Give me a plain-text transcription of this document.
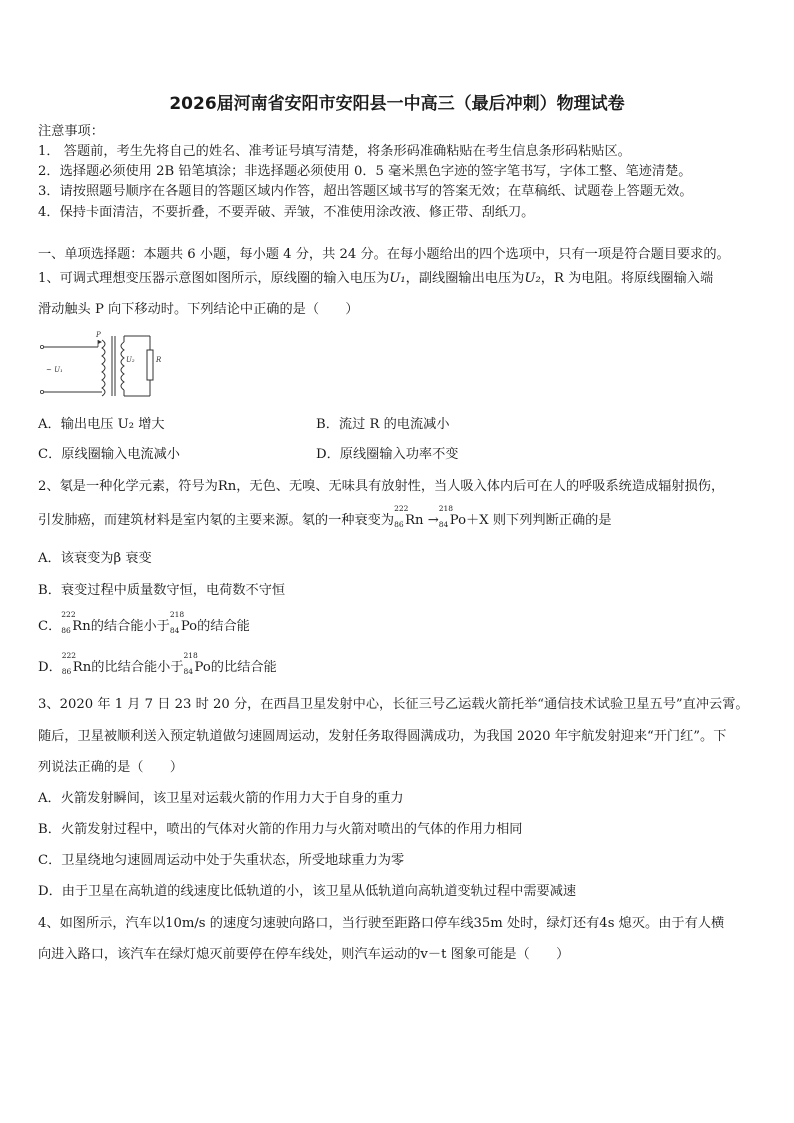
2026届河南省安阳市安阳县一中高三（最后冲刺）物理试卷
注意事项：
1． 答题前，考生先将自己的姓名、准考证号填写清楚，将条形码准确粘贴在考生信息条形码粘贴区。
2．选择题必须使用 2B 铅笔填涂；非选择题必须使用 0．5 毫米黑色字迹的签字笔书写，字体工整、笔迹清楚。
3．请按照题号顺序在各题目的答题区域内作答，超出答题区域书写的答案无效；在草稿纸、试题卷上答题无效。
4．保持卡面清洁，不要折叠，不要弄破、弄皱，不准使用涂改液、修正带、刮纸刀。
一、单项选择题：本题共 6 小题，每小题 4 分，共 24 分。在每小题给出的四个选项中，只有一项是符合题目要求的。
1、可调式理想变压器示意图如图所示，原线圈的输入电压为U₁，副线圈输出电压为U₂，R 为电阻。将原线圈输入端
滑动触头 P 向下移动时。下列结论中正确的是（　　）
P
~ U₁
U₂	R
A．输出电压 U₂ 增大	B．流过 R 的电流减小
C．原线圈输入电流减小	D．原线圈输入功率不变
2、氡是一种化学元素，符号为Rn，无色、无嗅、无味具有放射性，当人吸入体内后可在人的呼吸系统造成辐射损伤，
引发肺癌，而建筑材料是室内氡的主要来源。氡的一种衰变为
222
86 Rn →
218
84 Po＋X 则下列判断正确的是
A．该衰变为β 衰变
B．衰变过程中质量数守恒，电荷数不守恒
C．
222
86 Rn的结合能小于
218
84 Po的结合能
D．
222
86 Rn的比结合能小于
218
84 Po的比结合能
3、2020 年 1 月 7 日 23 时 20 分，在西昌卫星发射中心，长征三号乙运载火箭托举“通信技术试验卫星五号”直冲云霄。
随后，卫星被顺利送入预定轨道做匀速圆周运动，发射任务取得圆满成功，为我国 2020 年宇航发射迎来“开门红”。下
列说法正确的是（　　）
A．火箭发射瞬间，该卫星对运载火箭的作用力大于自身的重力
B．火箭发射过程中，喷出的气体对火箭的作用力与火箭对喷出的气体的作用力相同
C．卫星绕地匀速圆周运动中处于失重状态，所受地球重力为零
D．由于卫星在高轨道的线速度比低轨道的小，该卫星从低轨道向高轨道变轨过程中需要减速
4、如图所示，汽车以10m/s 的速度匀速驶向路口，当行驶至距路口停车线35m 处时，绿灯还有4s 熄灭。由于有人横
向进入路口，该汽车在绿灯熄灭前要停在停车线处，则汽车运动的v－t 图象可能是（　　）
